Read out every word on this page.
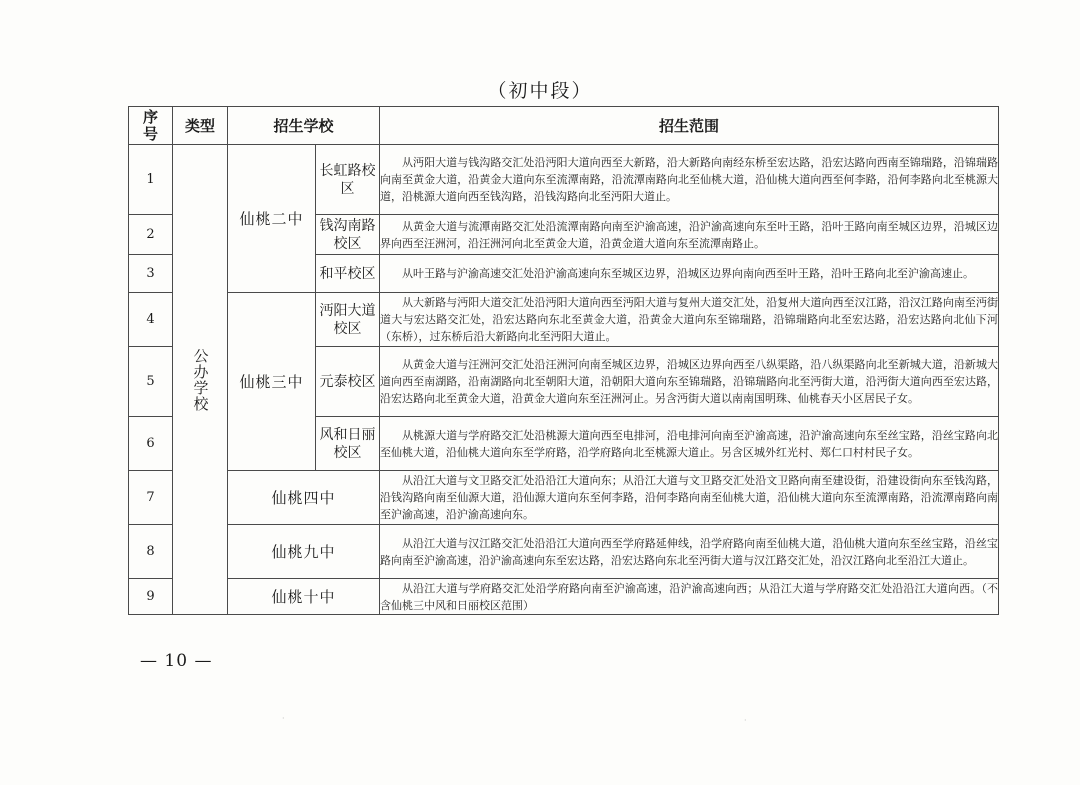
（初中段）
序号	类型	招生学校		招生范围
1	公办学校	仙桃二中	长虹路校区	从沔阳大道与钱沟路交汇处沿沔阳大道向西至大新路，沿大新路向南经东桥至宏达路，沿宏达路向西南至锦瑞路，沿锦瑞路向南至黄金大道，沿黄金大道向东至流潭南路，沿流潭南路向北至仙桃大道，沿仙桃大道向西至何李路，沿何李路向北至桃源大道，沿桃源大道向西至钱沟路，沿钱沟路向北至沔阳大道止。
2			钱沟南路校区	从黄金大道与流潭南路交汇处沿流潭南路向南至沪渝高速，沿沪渝高速向东至叶王路，沿叶王路向南至城区边界，沿城区边界向西至汪洲河，沿汪洲河向北至黄金大道，沿黄金道大道向东至流潭南路止。
3			和平校区	从叶王路与沪渝高速交汇处沿沪渝高速向东至城区边界，沿城区边界向南向西至叶王路，沿叶王路向北至沪渝高速止。
4		仙桃三中	沔阳大道校区	从大新路与沔阳大道交汇处沿沔阳大道向西至沔阳大道与复州大道交汇处，沿复州大道向西至汉江路，沿汉江路向南至沔街道大与宏达路交汇处，沿宏达路向东北至黄金大道，沿黄金大道向东至锦瑞路，沿锦瑞路向北至宏达路，沿宏达路向北仙下河（东桥），过东桥后沿大新路向北至沔阳大道止。
5			元泰校区	从黄金大道与汪洲河交汇处沿汪洲河向南至城区边界，沿城区边界向西至八纵渠路，沿八纵渠路向北至新城大道，沿新城大道向西至南湖路，沿南湖路向北至朝阳大道，沿朝阳大道向东至锦瑞路，沿锦瑞路向北至沔街大道，沿沔街大道向西至宏达路，沿宏达路向北至黄金大道，沿黄金大道向东至汪洲河止。另含沔街大道以南南国明珠、仙桃春天小区居民子女。
6			风和日丽校区	从桃源大道与学府路交汇处沿桃源大道向西至电排河，沿电排河向南至沪渝高速，沿沪渝高速向东至丝宝路，沿丝宝路向北至仙桃大道，沿仙桃大道向东至学府路，沿学府路向北至桃源大道止。另含区城外红光村、郑仁口村村民子女。
7		仙桃四中		从沿江大道与文卫路交汇处沿沿江大道向东；从沿江大道与文卫路交汇处沿文卫路向南至建设街，沿建设街向东至钱沟路，沿钱沟路向南至仙源大道，沿仙源大道向东至何李路，沿何李路向南至仙桃大道，沿仙桃大道向东至流潭南路，沿流潭南路向南至沪渝高速，沿沪渝高速向东。
8		仙桃九中		从沿江大道与汉江路交汇处沿沿江大道向西至学府路延伸线，沿学府路向南至仙桃大道，沿仙桃大道向东至丝宝路，沿丝宝路向南至沪渝高速，沿沪渝高速向东至宏达路，沿宏达路向东北至沔街大道与汉江路交汇处，沿汉江路向北至沿江大道止。
9		仙桃十中		从沿江大道与学府路交汇处沿学府路向南至沪渝高速，沿沪渝高速向西；从沿江大道与学府路交汇处沿沿江大道向西。（不含仙桃三中风和日丽校区范围）
— 10 —
·	·
